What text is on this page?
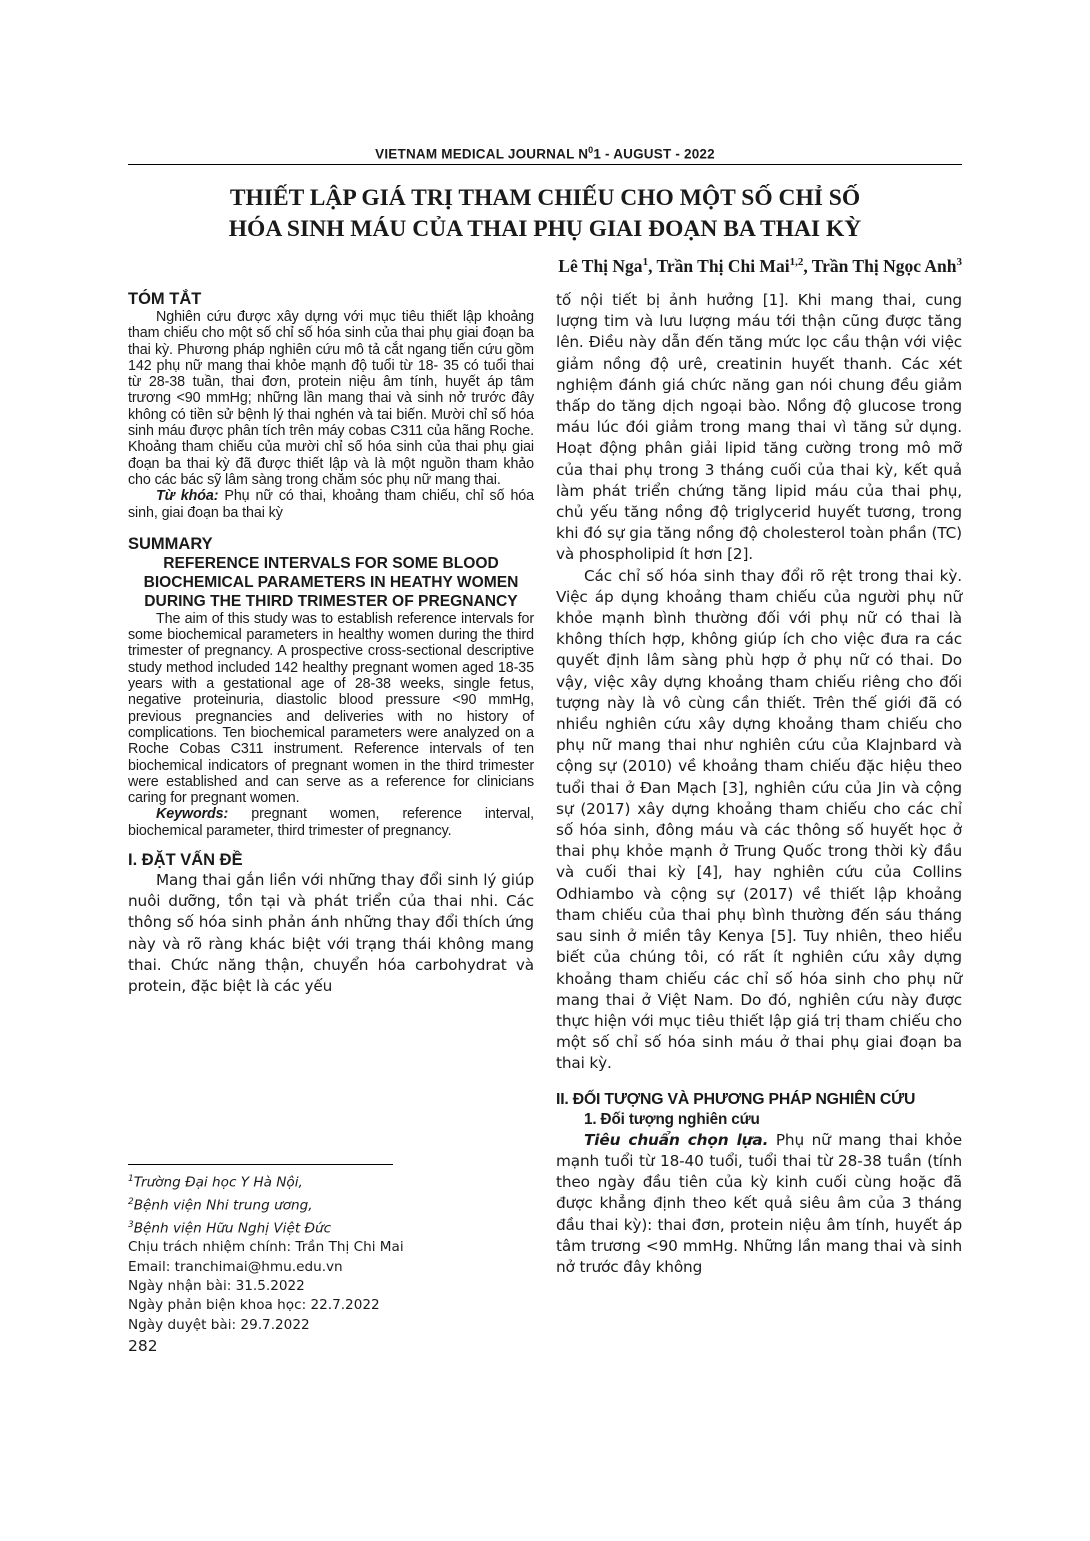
VIETNAM MEDICAL JOURNAL $N^01$ - AUGUST - 2022
THIẾT LẬP GIÁ TRỊ THAM CHIẾU CHO MỘT SỐ CHỈ SỐ
HÓA SINH MÁU CỦA THAI PHỤ GIAI ĐOẠN BA THAI KỲ
Lê Thị Nga$^1$, Trần Thị Chi Mai$^{1,2}$, Trần Thị Ngọc Anh$^3$
TÓM TẮT

Nghiên cứu được xây dựng với mục tiêu thiết lập khoảng tham chiếu cho một số chỉ số hóa sinh của thai phụ giai đoạn ba thai kỳ. Phương pháp nghiên cứu mô tả cắt ngang tiến cứu gồm 142 phụ nữ mang thai khỏe mạnh độ tuổi từ 18- 35 có tuổi thai từ 28-38 tuần, thai đơn, protein niệu âm tính, huyết áp tâm trương <90 mmHg; những lần mang thai và sinh nở trước đây không có tiền sử bệnh lý thai nghén và tai biến. Mười chỉ số hóa sinh máu được phân tích trên máy cobas C311 của hãng Roche. Khoảng tham chiếu của mười chỉ số hóa sinh của thai phụ giai đoạn ba thai kỳ đã được thiết lập và là một nguồn tham khảo cho các bác sỹ lâm sàng trong chăm sóc phụ nữ mang thai.

Từ khóa: Phụ nữ có thai, khoảng tham chiếu, chỉ số hóa sinh, giai đoạn ba thai kỳ

SUMMARY

REFERENCE INTERVALS FOR SOME BLOOD BIOCHEMICAL PARAMETERS IN HEATHY WOMEN DURING THE THIRD TRIMESTER OF PREGNANCY

The aim of this study was to establish reference intervals for some biochemical parameters in healthy women during the third trimester of pregnancy. A prospective cross-sectional descriptive study method included 142 healthy pregnant women aged 18-35 years with a gestational age of 28-38 weeks, single fetus, negative proteinuria, diastolic blood pressure <90 mmHg, previous pregnancies and deliveries with no history of complications. Ten biochemical parameters were analyzed on a Roche Cobas C311 instrument. Reference intervals of ten biochemical indicators of pregnant women in the third trimester were established and can serve as a reference for clinicians caring for pregnant women.

Keywords: pregnant women, reference interval, biochemical parameter, third trimester of pregnancy.

I. ĐẶT VẤN ĐỀ

Mang thai gắn liền với những thay đổi sinh lý giúp nuôi dưỡng, tồn tại và phát triển của thai nhi. Các thông số hóa sinh phản ánh những thay đổi thích ứng này và rõ ràng khác biệt với trạng thái không mang thai. Chức năng thận, chuyển hóa carbohydrat và protein, đặc biệt là các yếu

$^1$Trường Đại học Y Hà Nội,
$^2$Bệnh viện Nhi trung ương,
$^3$Bệnh viện Hữu Nghị Việt Đức
Chịu trách nhiệm chính: Trần Thị Chi Mai
Email: tranchimai@hmu.edu.vn
Ngày nhận bài: 31.5.2022
Ngày phản biện khoa học: 22.7.2022
Ngày duyệt bài: 29.7.2022
282

tố nội tiết bị ảnh hưởng [1]. Khi mang thai, cung lượng tim và lưu lượng máu tới thận cũng được tăng lên. Điều này dẫn đến tăng mức lọc cầu thận với việc giảm nồng độ urê, creatinin huyết thanh. Các xét nghiệm đánh giá chức năng gan nói chung đều giảm thấp do tăng dịch ngoại bào. Nồng độ glucose trong máu lúc đói giảm trong mang thai vì tăng sử dụng. Hoạt động phân giải lipid tăng cường trong mô mỡ của thai phụ trong 3 tháng cuối của thai kỳ, kết quả làm phát triển chứng tăng lipid máu của thai phụ, chủ yếu tăng nồng độ triglycerid huyết tương, trong khi đó sự gia tăng nồng độ cholesterol toàn phần (TC) và phospholipid ít hơn [2].

Các chỉ số hóa sinh thay đổi rõ rệt trong thai kỳ. Việc áp dụng khoảng tham chiếu của người phụ nữ khỏe mạnh bình thường đối với phụ nữ có thai là không thích hợp, không giúp ích cho việc đưa ra các quyết định lâm sàng phù hợp ở phụ nữ có thai. Do vậy, việc xây dựng khoảng tham chiếu riêng cho đối tượng này là vô cùng cần thiết. Trên thế giới đã có nhiều nghiên cứu xây dựng khoảng tham chiếu cho phụ nữ mang thai như nghiên cứu của Klajnbard và cộng sự (2010) về khoảng tham chiếu đặc hiệu theo tuổi thai ở Đan Mạch [3], nghiên cứu của Jin và cộng sự (2017) xây dựng khoảng tham chiếu cho các chỉ số hóa sinh, đông máu và các thông số huyết học ở thai phụ khỏe mạnh ở Trung Quốc trong thời kỳ đầu và cuối thai kỳ [4], hay nghiên cứu của Collins Odhiambo và cộng sự (2017) về thiết lập khoảng tham chiếu của thai phụ bình thường đến sáu tháng sau sinh ở miền tây Kenya [5]. Tuy nhiên, theo hiểu biết của chúng tôi, có rất ít nghiên cứu xây dựng khoảng tham chiếu các chỉ số hóa sinh cho phụ nữ mang thai ở Việt Nam. Do đó, nghiên cứu này được thực hiện với mục tiêu thiết lập giá trị tham chiếu cho một số chỉ số hóa sinh máu ở thai phụ giai đoạn ba thai kỳ.

II. ĐỐI TƯỢNG VÀ PHƯƠNG PHÁP NGHIÊN CỨU

1. Đối tượng nghiên cứu

Tiêu chuẩn chọn lựa. Phụ nữ mang thai khỏe mạnh tuổi từ 18-40 tuổi, tuổi thai từ 28-38 tuần (tính theo ngày đầu tiên của kỳ kinh cuối cùng hoặc đã được khẳng định theo kết quả siêu âm của 3 tháng đầu thai kỳ): thai đơn, protein niệu âm tính, huyết áp tâm trương <90 mmHg. Những lần mang thai và sinh nở trước đây không
